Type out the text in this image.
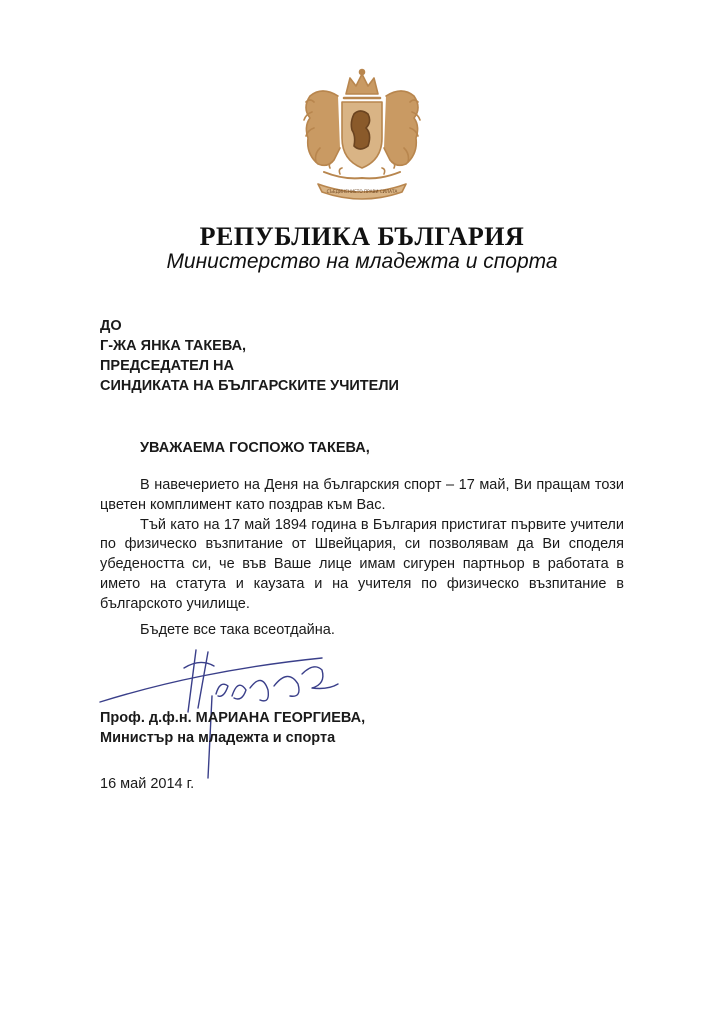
СЪЕДИНЕНИЕТО ПРАВИ СИЛАТА
РЕПУБЛИКА БЪЛГАРИЯ
Министерство на младежта и спорта
ДО
Г-ЖА ЯНКА ТАКЕВА,
ПРЕДСЕДАТЕЛ НА
СИНДИКАТА НА БЪЛГАРСКИТЕ УЧИТЕЛИ
УВАЖАЕМА ГОСПОЖО ТАКЕВА,

В навечерието на Деня на българския спорт – 17 май, Ви пращам този цветен комплимент като поздрав към Вас.

Тъй като на 17 май 1894 година в България пристигат първите учители по физическо възпитание от Швейцария, си позволявам да Ви споделя убедеността си, че във Ваше лице имам сигурен партньор в работата в името на статута и каузата и на учителя по физическо възпитание в българското училище.

Бъдете все така всеотдайна.
Проф. д.ф.н. МАРИАНА ГЕОРГИЕВА,
Министър на младежта и спорта
16 май 2014 г.
